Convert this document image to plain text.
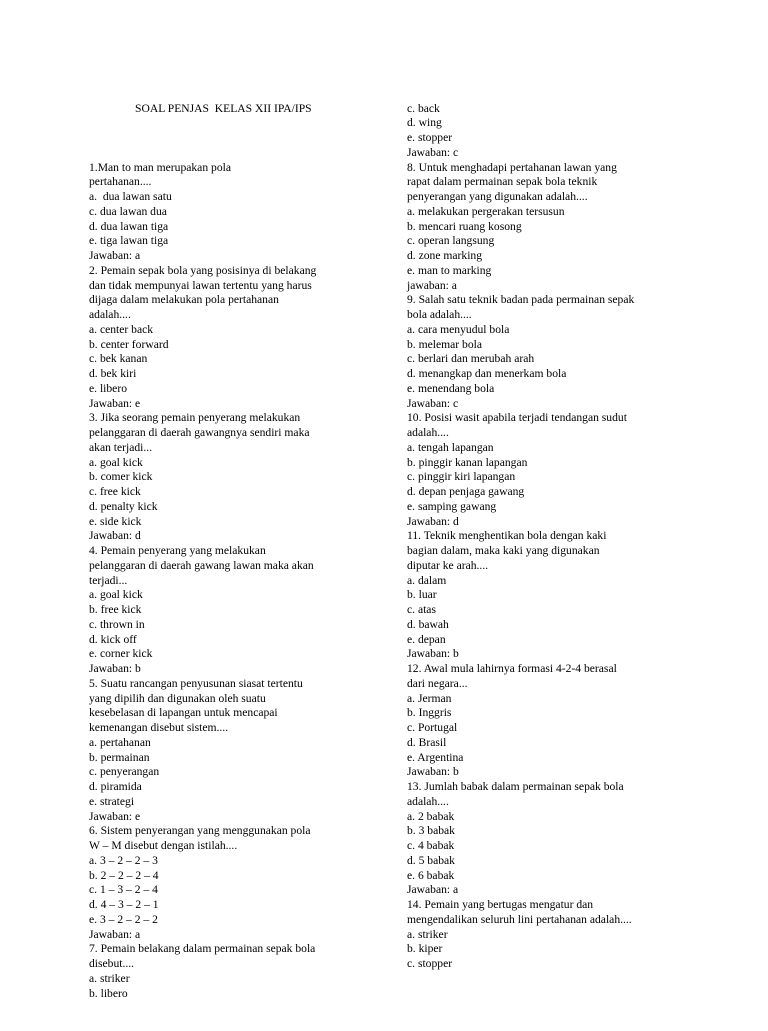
SOAL PENJAS  KELAS XII IPA/IPS

1.Man to man merupakan pola
pertahanan....
a.  dua lawan satu
c. dua lawan dua
d. dua lawan tiga
e. tiga lawan tiga
Jawaban: a
2. Pemain sepak bola yang posisinya di belakang
dan tidak mempunyai lawan tertentu yang harus
dijaga dalam melakukan pola pertahanan
adalah....
a. center back
b. center forward
c. bek kanan
d. bek kiri
e. libero
Jawaban: e
3. Jika seorang pemain penyerang melakukan
pelanggaran di daerah gawangnya sendiri maka
akan terjadi...
a. goal kick
b. comer kick
c. free kick
d. penalty kick
e. side kick
Jawaban: d
4. Pemain penyerang yang melakukan
pelanggaran di daerah gawang lawan maka akan
terjadi...
a. goal kick
b. free kick
c. thrown in
d. kick off
e. corner kick
Jawaban: b
5. Suatu rancangan penyusunan siasat tertentu
yang dipilih dan digunakan oleh suatu
kesebelasan di lapangan untuk mencapai
kemenangan disebut sistem....
a. pertahanan
b. permainan
c. penyerangan
d. piramida
e. strategi
Jawaban: e
6. Sistem penyerangan yang menggunakan pola
W – M disebut dengan istilah....
a. 3 – 2 – 2 – 3
b. 2 – 2 – 2 – 4
c. 1 – 3 – 2 – 4
d. 4 – 3 – 2 – 1
e. 3 – 2 – 2 – 2
Jawaban: a
7. Pemain belakang dalam permainan sepak bola
disebut....
a. striker
b. libero

c. back
d. wing
e. stopper
Jawaban: c
8. Untuk menghadapi pertahanan lawan yang
rapat dalam permainan sepak bola teknik
penyerangan yang digunakan adalah....
a. melakukan pergerakan tersusun
b. mencari ruang kosong
c. operan langsung
d. zone marking
e. man to marking
jawaban: a
9. Salah satu teknik badan pada permainan sepak
bola adalah....
a. cara menyudul bola
b. melemar bola
c. berlari dan merubah arah
d. menangkap dan menerkam bola
e. menendang bola
Jawaban: c
10. Posisi wasit apabila terjadi tendangan sudut
adalah....
a. tengah lapangan
b. pinggir kanan lapangan
c. pinggir kiri lapangan
d. depan penjaga gawang
e. samping gawang
Jawaban: d
11. Teknik menghentikan bola dengan kaki
bagian dalam, maka kaki yang digunakan
diputar ke arah....
a. dalam
b. luar
c. atas
d. bawah
e. depan
Jawaban: b
12. Awal mula lahirnya formasi 4-2-4 berasal
dari negara...
a. Jerman
b. Inggris
c. Portugal
d. Brasil
e. Argentina
Jawaban: b
13. Jumlah babak dalam permainan sepak bola
adalah....
a. 2 babak
b. 3 babak
c. 4 babak
d. 5 babak
e. 6 babak
Jawaban: a
14. Pemain yang bertugas mengatur dan
mengendalikan seluruh lini pertahanan adalah....
a. striker
b. kiper
c. stopper
